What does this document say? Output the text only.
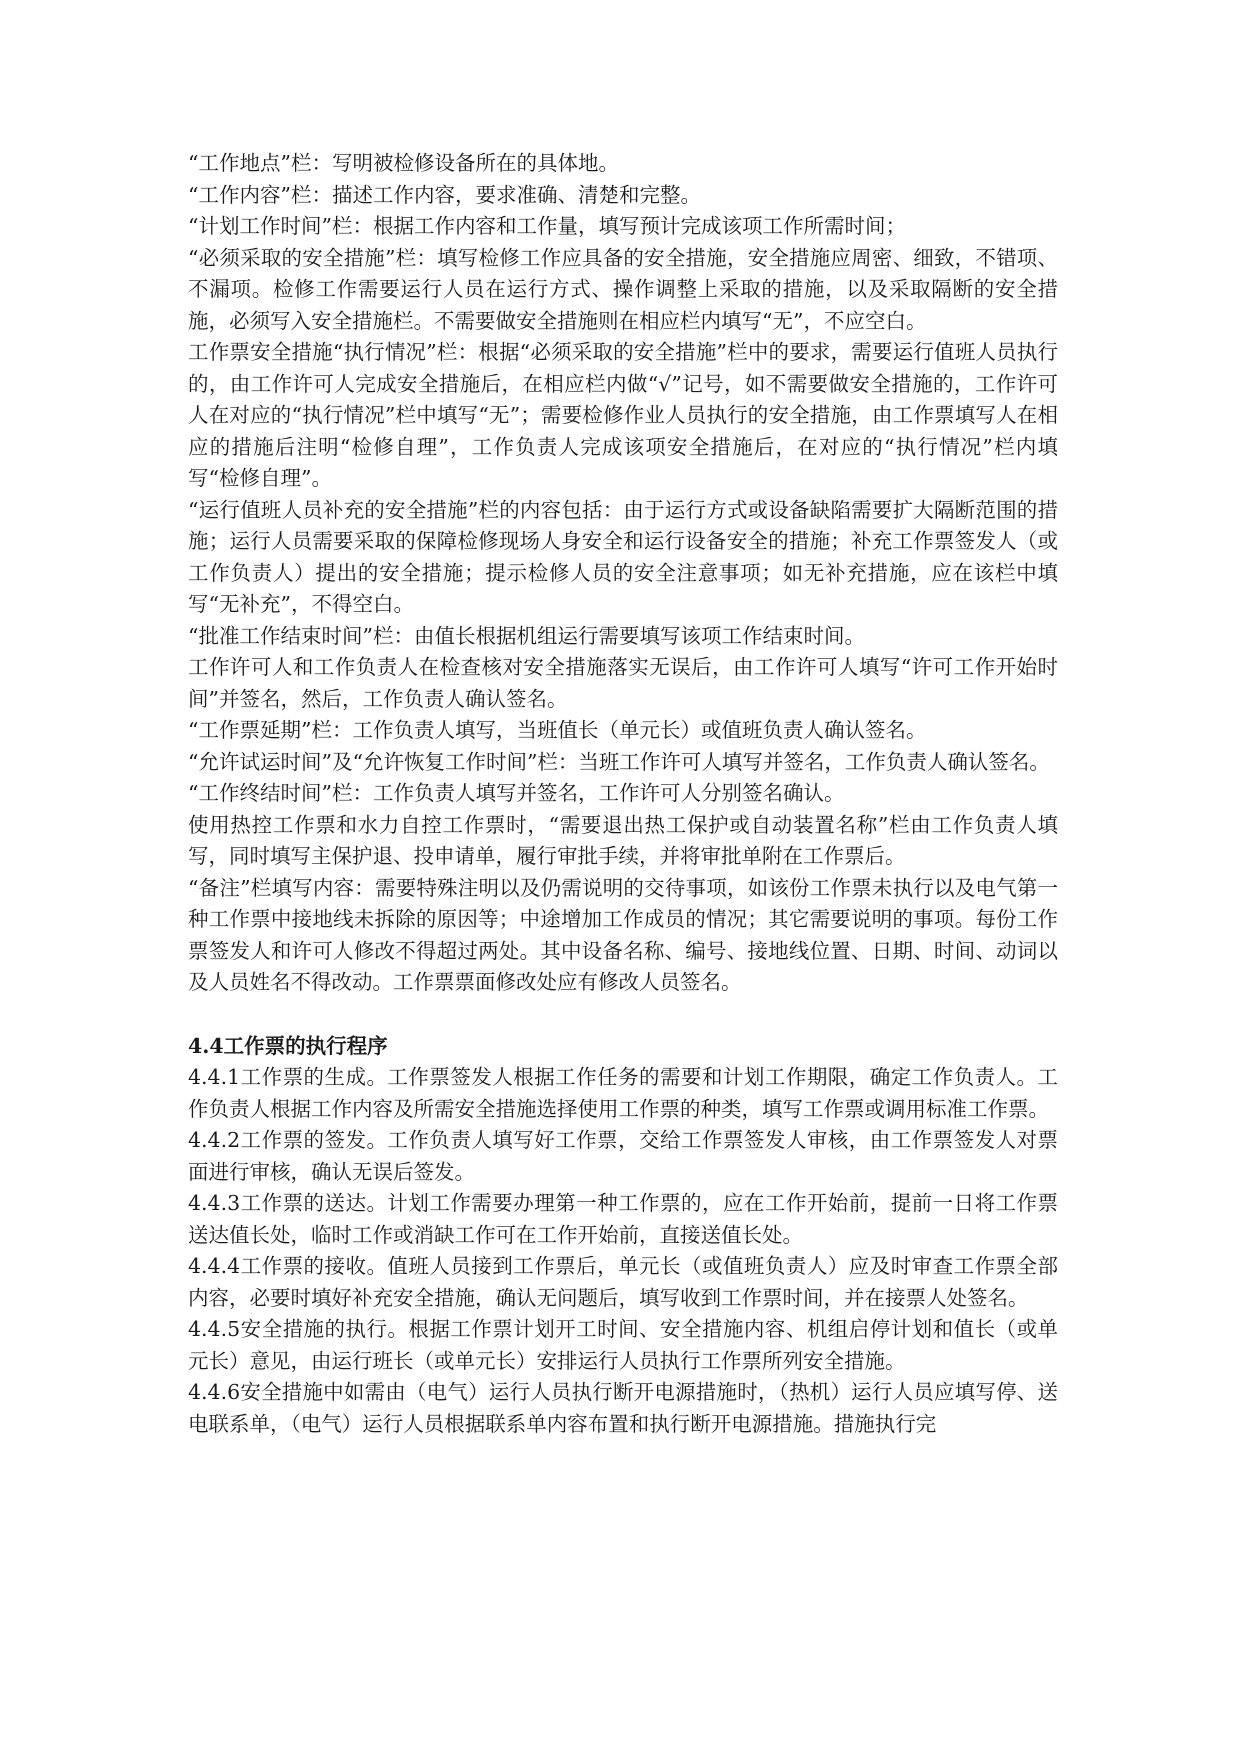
“工作地点”栏：写明被检修设备所在的具体地。

“工作内容”栏：描述工作内容，要求准确、清楚和完整。

“计划工作时间”栏：根据工作内容和工作量，填写预计完成该项工作所需时间；

“必须采取的安全措施”栏：填写检修工作应具备的安全措施，安全措施应周密、细致，不错项、不漏项。检修工作需要运行人员在运行方式、操作调整上采取的措施，以及采取隔断的安全措施，必须写入安全措施栏。不需要做安全措施则在相应栏内填写“无”，不应空白。

工作票安全措施“执行情况”栏：根据“必须采取的安全措施”栏中的要求，需要运行值班人员执行的，由工作许可人完成安全措施后，在相应栏内做“√”记号，如不需要做安全措施的，工作许可人在对应的“执行情况”栏中填写“无”；需要检修作业人员执行的安全措施，由工作票填写人在相应的措施后注明“检修自理”，工作负责人完成该项安全措施后，在对应的“执行情况”栏内填写“检修自理”。

“运行值班人员补充的安全措施”栏的内容包括：由于运行方式或设备缺陷需要扩大隔断范围的措施；运行人员需要采取的保障检修现场人身安全和运行设备安全的措施；补充工作票签发人（或工作负责人）提出的安全措施；提示检修人员的安全注意事项；如无补充措施，应在该栏中填写“无补充”，不得空白。

“批准工作结束时间”栏：由值长根据机组运行需要填写该项工作结束时间。

工作许可人和工作负责人在检查核对安全措施落实无误后，由工作许可人填写“许可工作开始时间”并签名，然后，工作负责人确认签名。

“工作票延期”栏：工作负责人填写，当班值长（单元长）或值班负责人确认签名。

“允许试运时间”及“允许恢复工作时间”栏：当班工作许可人填写并签名，工作负责人确认签名。

“工作终结时间”栏：工作负责人填写并签名，工作许可人分别签名确认。

使用热控工作票和水力自控工作票时，“需要退出热工保护或自动装置名称”栏由工作负责人填写，同时填写主保护退、投申请单，履行审批手续，并将审批单附在工作票后。

“备注”栏填写内容：需要特殊注明以及仍需说明的交待事项，如该份工作票未执行以及电气第一种工作票中接地线未拆除的原因等；中途增加工作成员的情况；其它需要说明的事项。每份工作票签发人和许可人修改不得超过两处。其中设备名称、编号、接地线位置、日期、时间、动词以及人员姓名不得改动。工作票票面修改处应有修改人员签名。

4.4工作票的执行程序

4.4.1工作票的生成。工作票签发人根据工作任务的需要和计划工作期限，确定工作负责人。工作负责人根据工作内容及所需安全措施选择使用工作票的种类，填写工作票或调用标准工作票。

4.4.2工作票的签发。工作负责人填写好工作票，交给工作票签发人审核，由工作票签发人对票面进行审核，确认无误后签发。

4.4.3工作票的送达。计划工作需要办理第一种工作票的，应在工作开始前，提前一日将工作票送达值长处，临时工作或消缺工作可在工作开始前，直接送值长处。

4.4.4工作票的接收。值班人员接到工作票后，单元长（或值班负责人）应及时审查工作票全部内容，必要时填好补充安全措施，确认无问题后，填写收到工作票时间，并在接票人处签名。

4.4.5安全措施的执行。根据工作票计划开工时间、安全措施内容、机组启停计划和值长（或单元长）意见，由运行班长（或单元长）安排运行人员执行工作票所列安全措施。

4.4.6安全措施中如需由（电气）运行人员执行断开电源措施时，（热机）运行人员应填写停、送电联系单，（电气）运行人员根据联系单内容布置和执行断开电源措施。措施执行完
